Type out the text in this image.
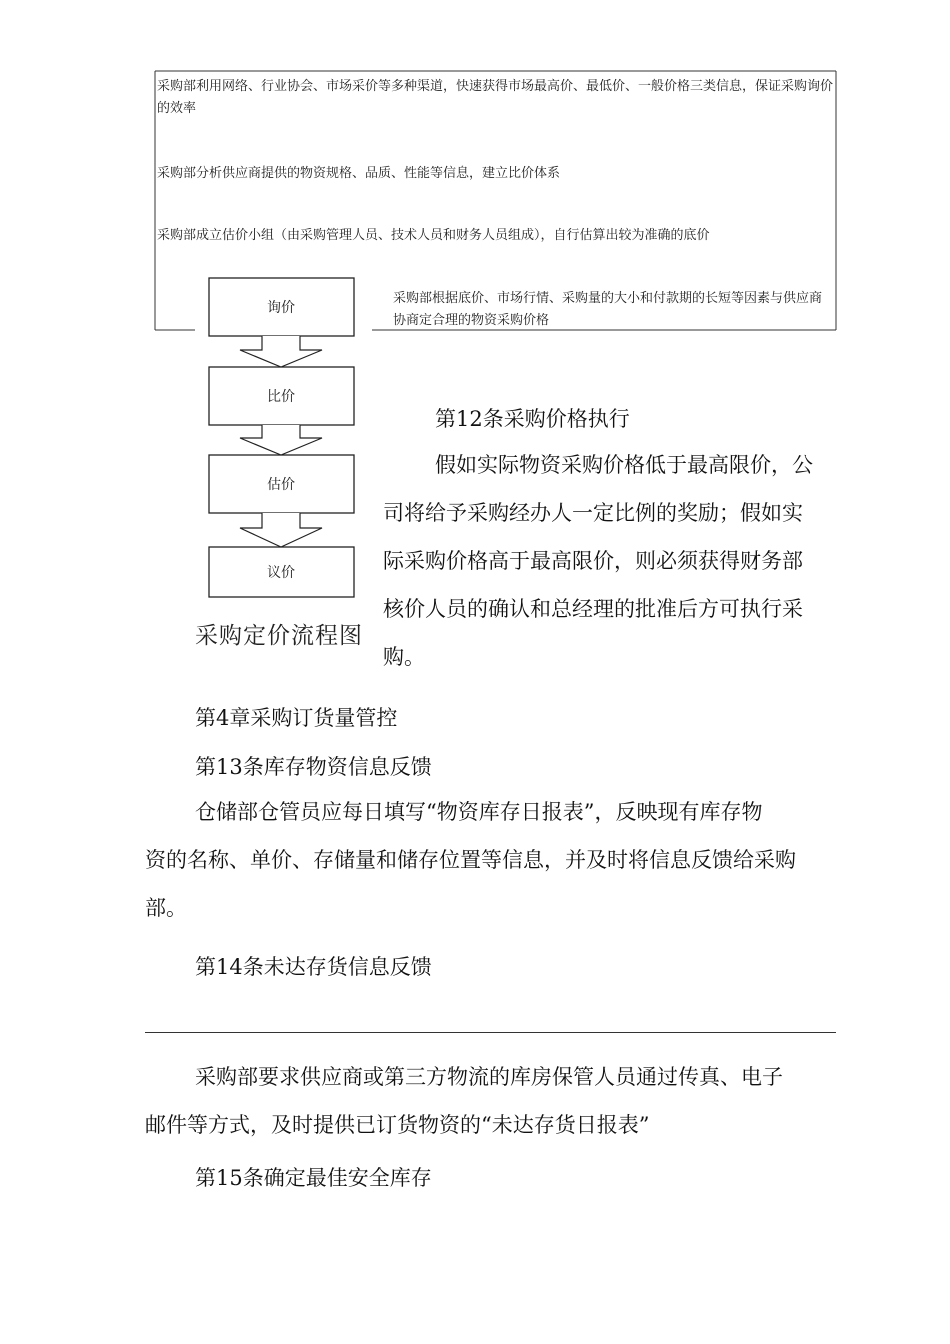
询价
比价
估价
议价
采购部利用网络、行业协会、市场采价等多种渠道，快速获得市场最高价、最低价、一般价格三类信息，保证采购询价的效率
采购部分析供应商提供的物资规格、品质、性能等信息，建立比价体系
采购部成立估价小组（由采购管理人员、技术人员和财务人员组成），自行估算出较为准确的底价
采购部根据底价、市场行情、采购量的大小和付款期的长短等因素与供应商协商定合理的物资采购价格
采购定价流程图
第12条采购价格执行
假如实际物资采购价格低于最高限价，公
司将给予采购经办人一定比例的奖励；假如实
际采购价格高于最高限价，则必须获得财务部
核价人员的确认和总经理的批准后方可执行采
购。
第4章采购订货量管控
第13条库存物资信息反馈
仓储部仓管员应每日填写“物资库存日报表”，反映现有库存物
资的名称、单价、存储量和储存位置等信息，并及时将信息反馈给采购
部。
第14条未达存货信息反馈
采购部要求供应商或第三方物流的库房保管人员通过传真、电子
邮件等方式，及时提供已订货物资的“未达存货日报表”
第15条确定最佳安全库存
